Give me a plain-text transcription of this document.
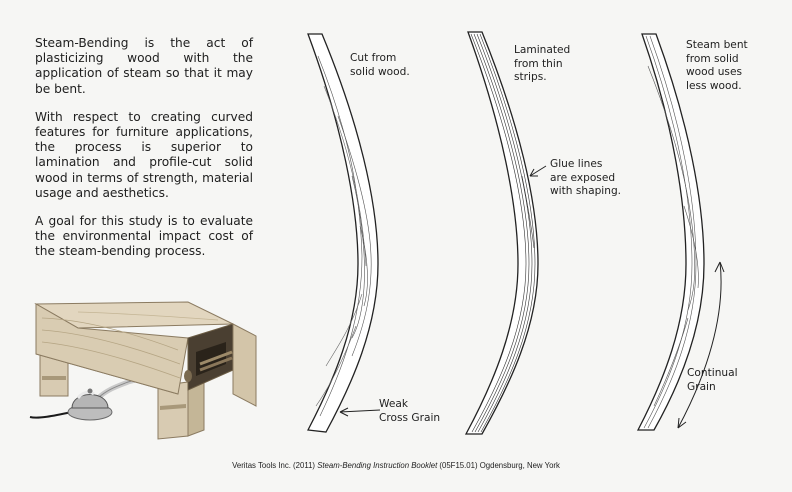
Steam-Bending is the act of plasticizing wood with the application of steam so that it may be bent.

With respect to creating curved features for furniture applications, the process is superior to lamination and profile-cut solid wood in terms of strength, material usage and aesthetics.

A goal for this study is to evaluate the environmental impact cost of the steam-bending process.

Cut from
solid wood.
Weak
Cross Grain
Laminated
from thin
strips.
Glue lines
are exposed
with shaping.
Steam bent
from solid
wood uses
less wood.
Continual
Grain
Veritas Tools Inc. (2011) Steam-Bending Instruction Booklet (05F15.01) Ogdensburg, New York
